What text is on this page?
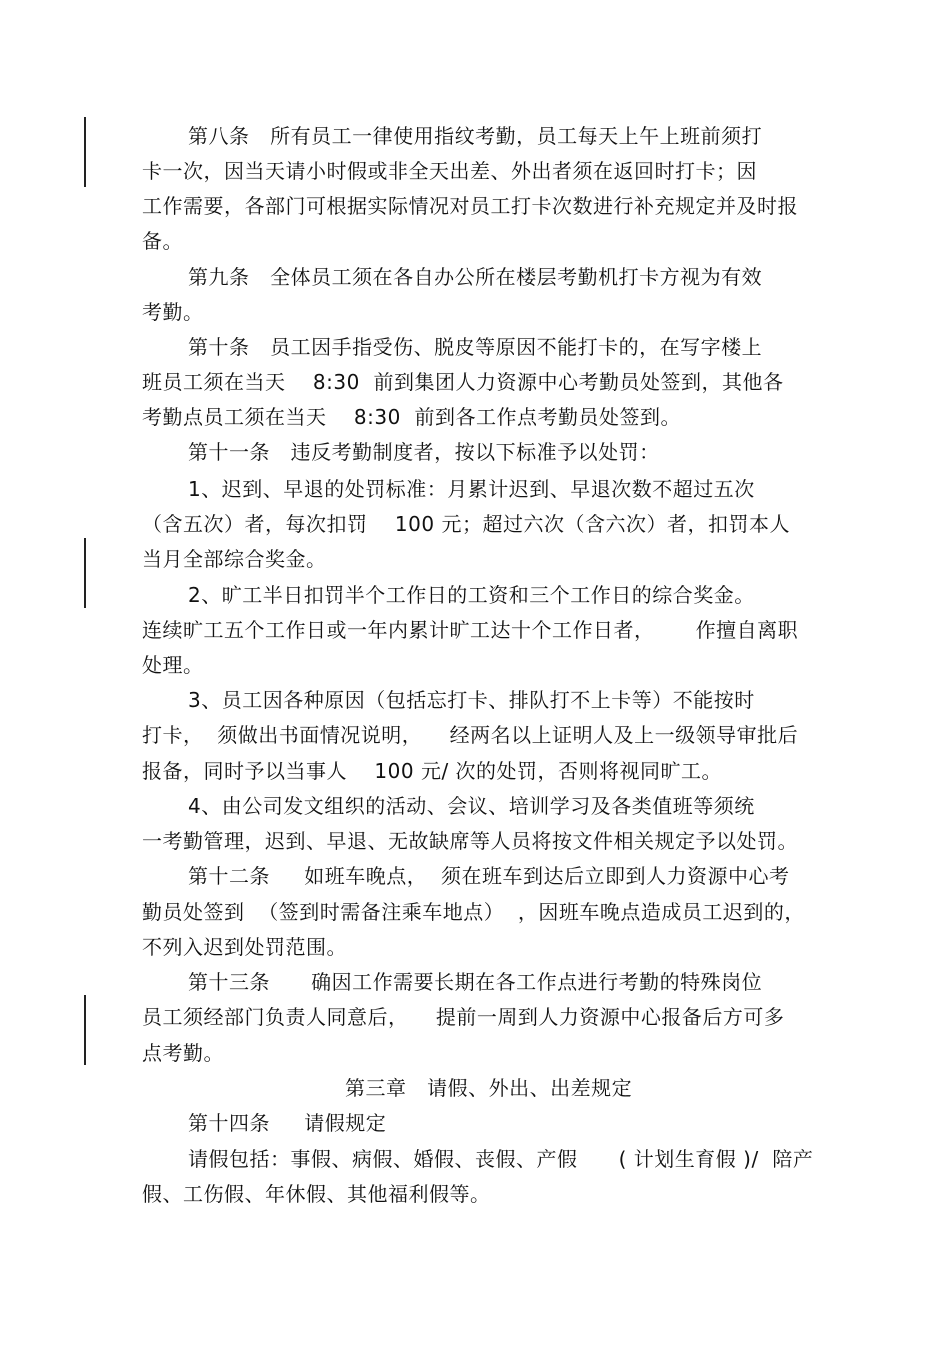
第八条   所有员工一律使用指纹考勤，员工每天上午上班前须打
卡一次，因当天请小时假或非全天出差、外出者须在返回时打卡；因
工作需要，各部门可根据实际情况对员工打卡次数进行补充规定并及时报
备。
第九条   全体员工须在各自办公所在楼层考勤机打卡方视为有效
考勤。
第十条   员工因手指受伤、脱皮等原因不能打卡的，在写字楼上
班员工须在当天    8:30  前到集团人力资源中心考勤员处签到，其他各
考勤点员工须在当天    8:30  前到各工作点考勤员处签到。
第十一条   违反考勤制度者，按以下标准予以处罚：
1、迟到、早退的处罚标准：月累计迟到、早退次数不超过五次
（含五次）者，每次扣罚    100 元；超过六次（含六次）者，扣罚本人
当月全部综合奖金。
2、旷工半日扣罚半个工作日的工资和三个工作日的综合奖金。
连续旷工五个工作日或一年内累计旷工达十个工作日者，      作擅自离职
处理。
3、员工因各种原因（包括忘打卡、排队打不上卡等）不能按时
打卡，  须做出书面情况说明，    经两名以上证明人及上一级领导审批后
报备，同时予以当事人    100 元/ 次的处罚，否则将视同旷工。
4、由公司发文组织的活动、会议、培训学习及各类值班等须统
一考勤管理，迟到、早退、无故缺席等人员将按文件相关规定予以处罚。
第十二条     如班车晚点，  须在班车到达后立即到人力资源中心考
勤员处签到  （签到时需备注乘车地点）  ，因班车晚点造成员工迟到的，
不列入迟到处罚范围。
第十三条      确因工作需要长期在各工作点进行考勤的特殊岗位
员工须经部门负责人同意后，    提前一周到人力资源中心报备后方可多
点考勤。
第三章   请假、外出、出差规定
第十四条     请假规定
请假包括：事假、病假、婚假、丧假、产假      ( 计划生育假 )/  陪产
假、工伤假、年休假、其他福利假等。
